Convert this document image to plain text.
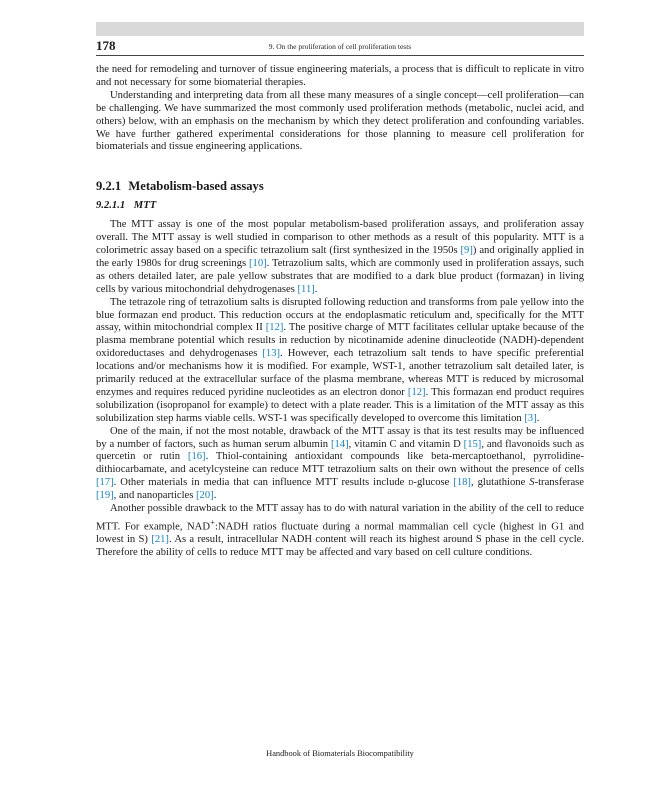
178	9. On the proliferation of cell proliferation tests

the need for remodeling and turnover of tissue engineering materials, a process that is difficult to replicate in vitro and not necessary for some biomaterial therapies.

Understanding and interpreting data from all these many measures of a single concept—cell proliferation—can be challenging. We have summarized the most commonly used proliferation methods (metabolic, nuclei acid, and others) below, with an emphasis on the mechanism by which they detect proliferation and confounding variables. We have further gathered experimental considerations for those planning to measure cell proliferation for biomaterials and tissue engineering applications.

9.2.1 Metabolism-based assays
9.2.1.1 MTT

The MTT assay is one of the most popular metabolism-based proliferation assays, and proliferation assay overall. The MTT assay is well studied in comparison to other methods as a result of this popularity. MTT is a colorimetric assay based on a specific tetrazolium salt (first synthesized in the 1950s [9]) and originally applied in the early 1980s for drug screenings [10]. Tetrazolium salts, which are commonly used in proliferation assays, such as others detailed later, are pale yellow substrates that are modified to a dark blue product (formazan) in living cells by various mitochondrial dehydrogenases [11].

The tetrazole ring of tetrazolium salts is disrupted following reduction and transforms from pale yellow into the blue formazan end product. This reduction occurs at the endoplasmatic reticulum and, specifically for the MTT assay, within mitochondrial complex II [12]. The positive charge of MTT facilitates cellular uptake because of the plasma membrane potential which results in reduction by nicotinamide adenine dinucleotide (NADH)-dependent oxidoreductases and dehydrogenases [13]. However, each tetrazolium salt tends to have specific preferential locations and/or mechanisms how it is modified. For example, WST-1, another tetrazolium salt detailed later, is primarily reduced at the extracellular surface of the plasma membrane, whereas MTT is reduced by microsomal enzymes and requires reduced pyridine nucleotides as an electron donor [12]. This formazan end product requires solubilization (isopropanol for example) to detect with a plate reader. This is a limitation of the MTT assay as this solubilization step harms viable cells. WST-1 was specifically developed to overcome this limitation [3].

One of the main, if not the most notable, drawback of the MTT assay is that its test results may be influenced by a number of factors, such as human serum albumin [14], vitamin C and vitamin D [15], and flavonoids such as quercetin or rutin [16]. Thiol-containing antioxidant compounds like beta-mercaptoethanol, pyrrolidine-dithiocarbamate, and acetylcysteine can reduce MTT tetrazolium salts on their own without the presence of cells [17]. Other materials in media that can influence MTT results include d-glucose [18], glutathione S-transferase [19], and nanoparticles [20].

Another possible drawback to the MTT assay has to do with natural variation in the ability of the cell to reduce MTT. For example, NAD+:NADH ratios fluctuate during a normal mammalian cell cycle (highest in G1 and lowest in S) [21]. As a result, intracellular NADH content will reach its highest around S phase in the cell cycle. Therefore the ability of cells to reduce MTT may be affected and vary based on cell culture conditions.

Handbook of Biomaterials Biocompatibility
